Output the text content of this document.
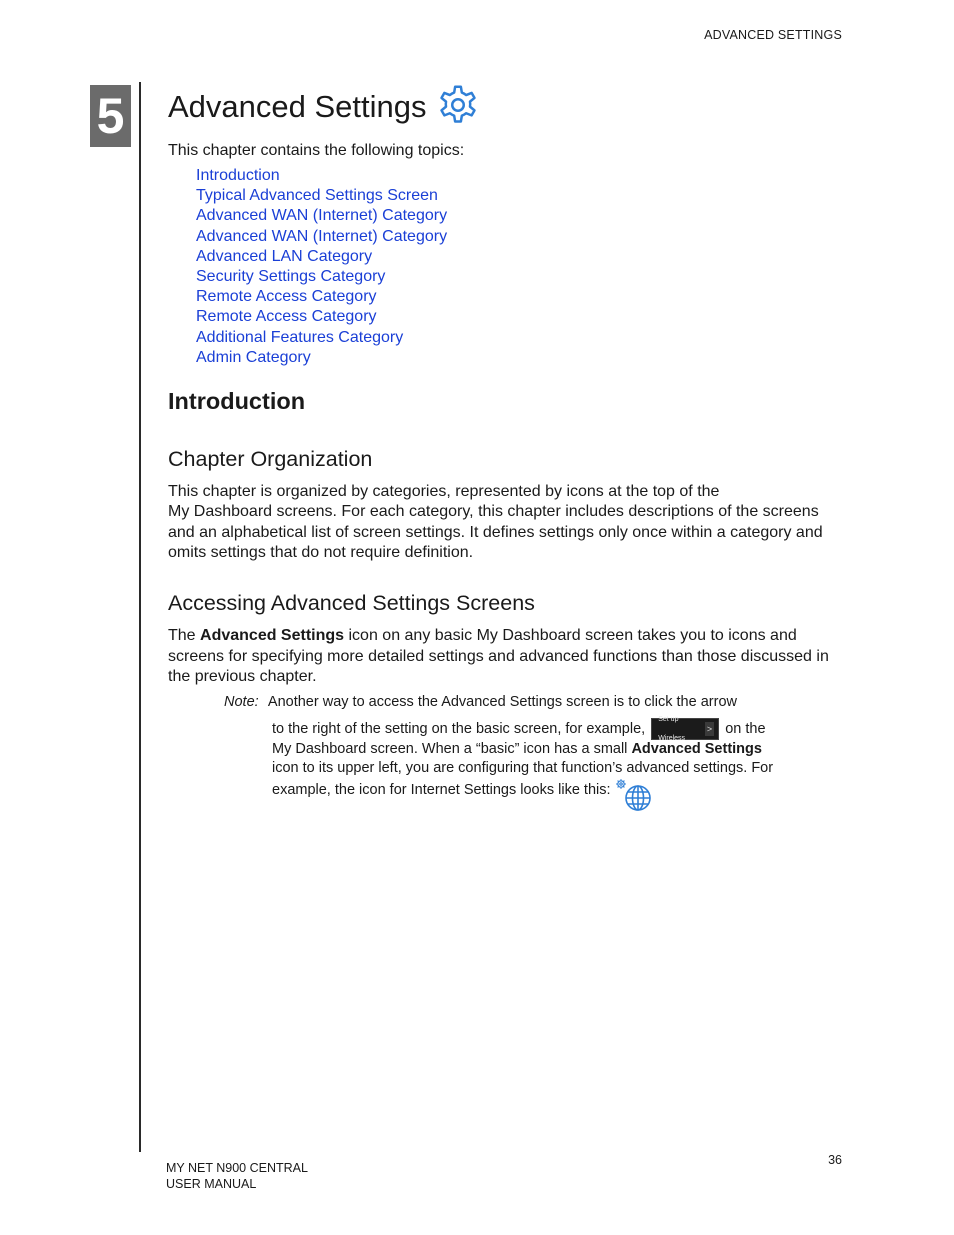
ADVANCED SETTINGS
5 Advanced Settings

This chapter contains the following topics:

Introduction
Typical Advanced Settings Screen
Advanced WAN (Internet) Category
Advanced WAN (Internet) Category
Advanced LAN Category
Security Settings Category
Remote Access Category
Remote Access Category
Additional Features Category
Admin Category
Introduction
Chapter Organization

This chapter is organized by categories, represented by icons at the top of the
My Dashboard screens. For each category, this chapter includes descriptions of the screens and an alphabetical list of screen settings. It defines settings only once within a category and omits settings that do not require definition.

Accessing Advanced Settings Screens

The Advanced Settings icon on any basic My Dashboard screen takes you to icons and screens for specifying more detailed settings and advanced functions than those discussed in the previous chapter.

Note: Another way to access the Advanced Settings screen is to click the arrow
to the right of the setting on the basic screen, for example,
Set up Wireless
> on the My Dashboard screen. When a “basic” icon has a small Advanced Settings icon to its upper left, you are configuring that function’s advanced settings. For example, the icon for Internet Settings looks like this:
MY NET N900 CENTRAL
USER MANUAL
36
